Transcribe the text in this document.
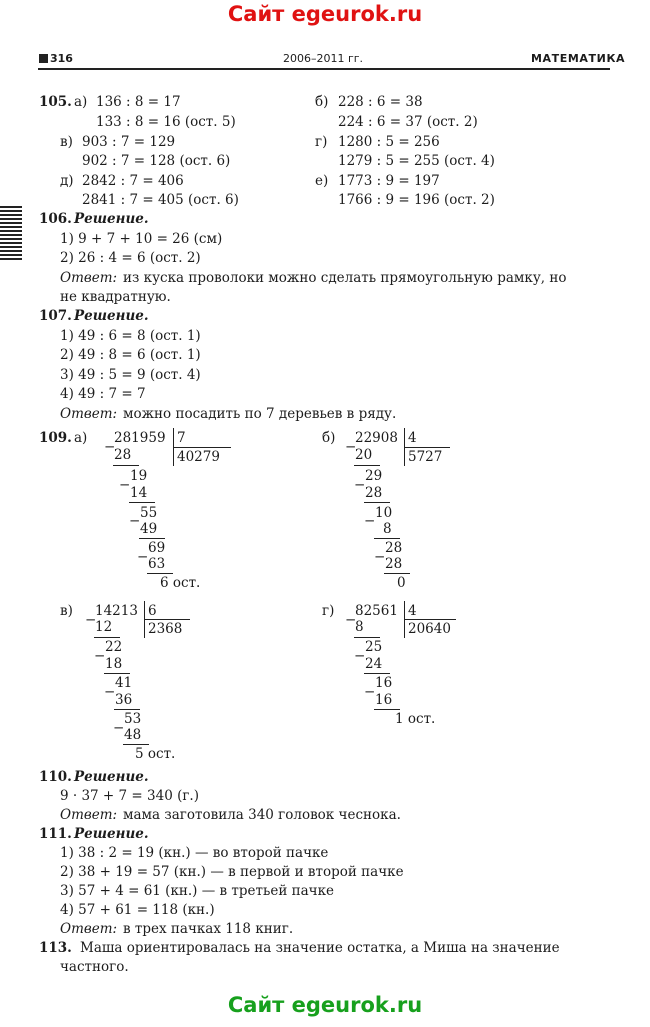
Сайт egeurok.ru
316	2006–2011 гг.	МАТЕМАТИКА
105. а) 136 : 8 = 17
133 : 8 = 16 (ост. 5)
б) 228 : 6 = 38
224 : 6 = 37 (ост. 2)
в) 903 : 7 = 129
902 : 7 = 128 (ост. 6)
г) 1280 : 5 = 256
1279 : 5 = 255 (ост. 4)
д) 2842 : 7 = 406
2841 : 7 = 405 (ост. 6)
е) 1773 : 9 = 197
1766 : 9 = 196 (ост. 2)
106. Решение.
1) 9 + 7 + 10 = 26 (см)
2) 26 : 4 = 6 (ост. 2)
Ответ: из куска проволоки можно сделать прямоугольную рамку, но
не квадратную.
107. Решение.
1) 49 : 6 = 8 (ост. 1)
2) 49 : 8 = 6 (ост. 1)
3) 49 : 5 = 9 (ост. 4)
4) 49 : 7 = 7
Ответ: можно посадить по 7 деревьев в ряду.
109. а) 281959 7
40279
−
28
19
− 14
55
− 49
69
− 63
6 ост.
б) 22908 4
5727
−
20
29
− 28
10
− 8
28
− 28
0
в) 14213 6
2368
−
12
22
− 18
41
− 36
53
− 48
5 ост.
г) 82561 4
20640
−
8
25
− 24
16
− 16
1 ост.
110. Решение.
9 · 37 + 7 = 340 (г.)
Ответ: мама заготовила 340 головок чеснока.
111. Решение.
1) 38 : 2 = 19 (кн.) — во второй пачке
2) 38 + 19 = 57 (кн.) — в первой и второй пачке
3) 57 + 4 = 61 (кн.) — в третьей пачке
4) 57 + 61 = 118 (кн.)
Ответ: в трех пачках 118 книг.
113. Маша ориентировалась на значение остатка, а Миша на значение
частного.
Сайт egeurok.ru
